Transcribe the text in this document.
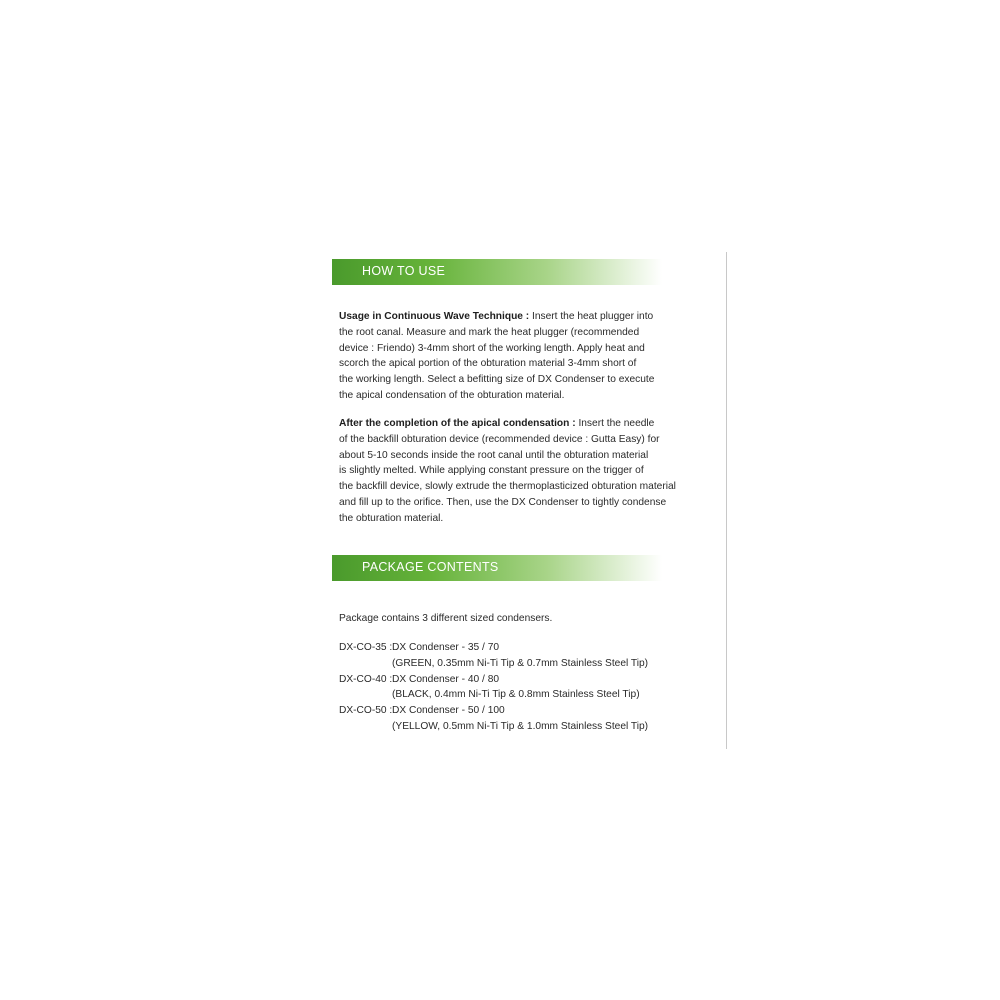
HOW TO USE
Usage in Continuous Wave Technique : Insert the heat plugger into
the root canal. Measure and mark the heat plugger (recommended
device : Friendo) 3-4mm short of the working length. Apply heat and
scorch the apical portion of the obturation material 3-4mm short of
the working length. Select a befitting size of DX Condenser to execute
the apical condensation of the obturation material.
After the completion of the apical condensation : Insert the needle
of the backfill obturation device (recommended device : Gutta Easy) for
about 5-10 seconds inside the root canal until the obturation material
is slightly melted. While applying constant pressure on the trigger of
the backfill device, slowly extrude the thermoplasticized obturation material
and fill up to the orifice. Then, use the DX Condenser to tightly condense
the obturation material.
PACKAGE CONTENTS
Package contains 3 different sized condensers.
DX-CO-35 : DX Condenser - 35 / 70
(GREEN, 0.35mm Ni-Ti Tip & 0.7mm Stainless Steel Tip)
DX-CO-40 : DX Condenser - 40 / 80
(BLACK, 0.4mm Ni-Ti Tip & 0.8mm Stainless Steel Tip)
DX-CO-50 : DX Condenser - 50 / 100
(YELLOW, 0.5mm Ni-Ti Tip & 1.0mm Stainless Steel Tip)
